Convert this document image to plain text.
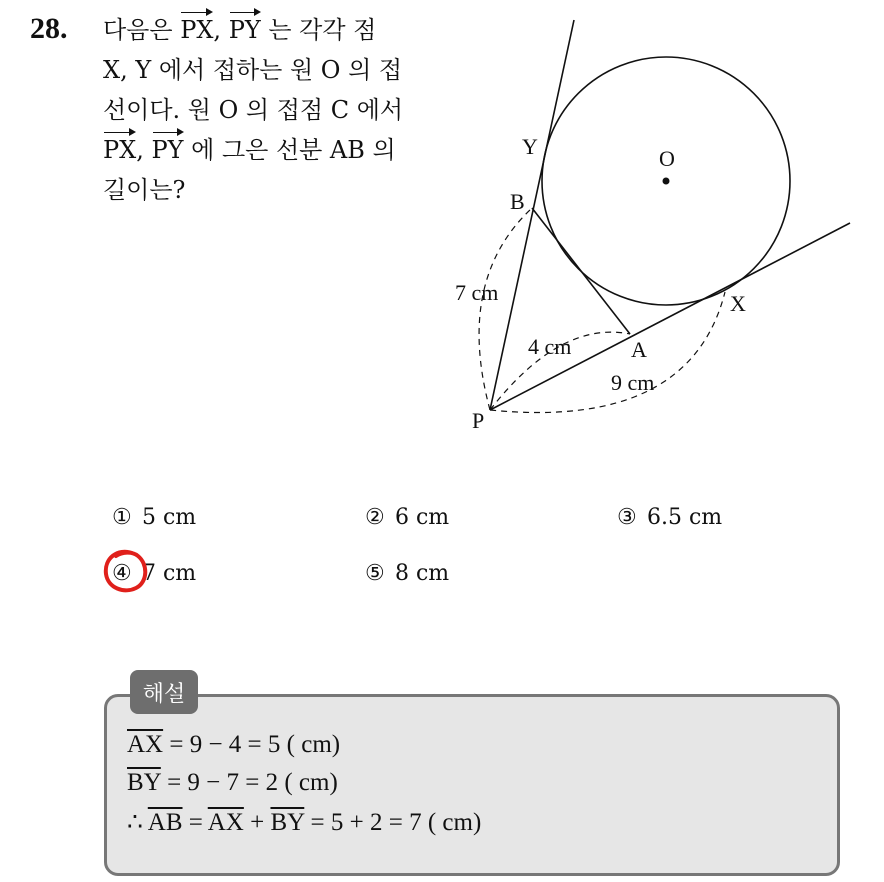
28. 다음은 PX, PY 는 각각 점
X, Y 에서 접하는 원 O 의 접
선이다. 원 O 의 접점 C 에서
PX, PY 에 그은 선분 AB 의
길이는?
O
Y
B
X
A
P
7 cm
4 cm
9 cm
① 5 cm	② 6 cm	③ 6.5 cm
④ 7 cm	⑤ 8 cm
$\overline{AX} = 9 - 4 = 5$ ( cm)
$\overline{BY} = 9 - 7 = 2$ ( cm)
∴ $\overline{AB} = \overline{AX} + \overline{BY} = 5 + 2 = 7$ ( cm)
해설
